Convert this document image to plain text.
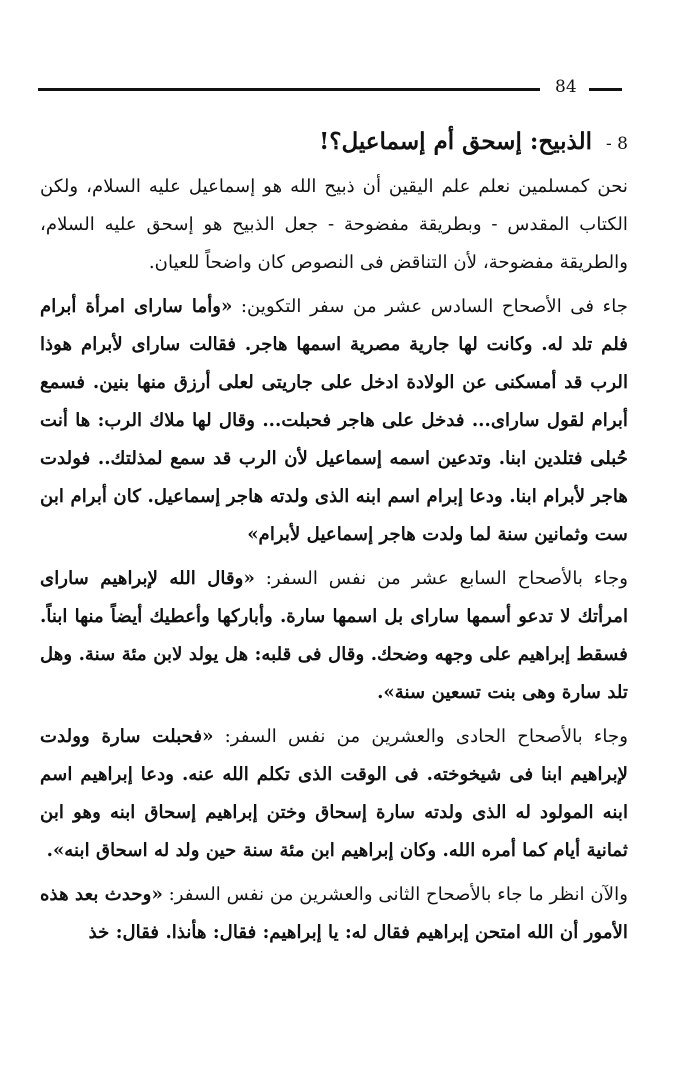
84
8 - الذبيح: إسحق أم إسماعيل؟!

نحن كمسلمين نعلم علم اليقين أن ذبيح الله هو إسماعيل عليه السلام، ولكن الكتاب المقدس - وبطريقة مفضوحة - جعل الذبيح هو إسحق عليه السلام، والطريقة مفضوحة، لأن التناقض فى النصوص كان واضحاً للعيان.

جاء فى الأصحاح السادس عشر من سفر التكوين: «وأما ساراى امرأة أبرام فلم تلد له. وكانت لها جارية مصرية اسمها هاجر. فقالت ساراى لأبرام هوذا الرب قد أمسكنى عن الولادة ادخل على جاريتى لعلى أرزق منها بنين. فسمع أبرام لقول ساراى... فدخل على هاجر فحبلت... وقال لها ملاك الرب: ها أنت حُبلى فتلدين ابنا. وتدعين اسمه إسماعيل لأن الرب قد سمع لمذلتك.. فولدت هاجر لأبرام ابنا. ودعا إبرام اسم ابنه الذى ولدته هاجر إسماعيل. كان أبرام ابن ست وثمانين سنة لما ولدت هاجر إسماعيل لأبرام»

وجاء بالأصحاح السابع عشر من نفس السفر: «وقال الله لإبراهيم ساراى امرأتك لا تدعو أسمها ساراى بل اسمها سارة. وأباركها وأعطيك أيضاً منها ابناً. فسقط إبراهيم على وجهه وضحك. وقال فى قلبه: هل يولد لابن مئة سنة. وهل تلد سارة وهى بنت تسعين سنة».

وجاء بالأصحاح الحادى والعشرين من نفس السفر: «فحبلت سارة وولدت لإبراهيم ابنا فى شيخوخته. فى الوقت الذى تكلم الله عنه. ودعا إبراهيم اسم ابنه المولود له الذى ولدته سارة إسحاق وختن إبراهيم إسحاق ابنه وهو ابن ثمانية أيام كما أمره الله. وكان إبراهيم ابن مئة سنة حين ولد له اسحاق ابنه».

والآن انظر ما جاء بالأصحاح الثانى والعشرين من نفس السفر: «وحدث بعد هذه الأمور أن الله امتحن إبراهيم فقال له: يا إبراهيم: فقال: هأنذا. فقال: خذ
